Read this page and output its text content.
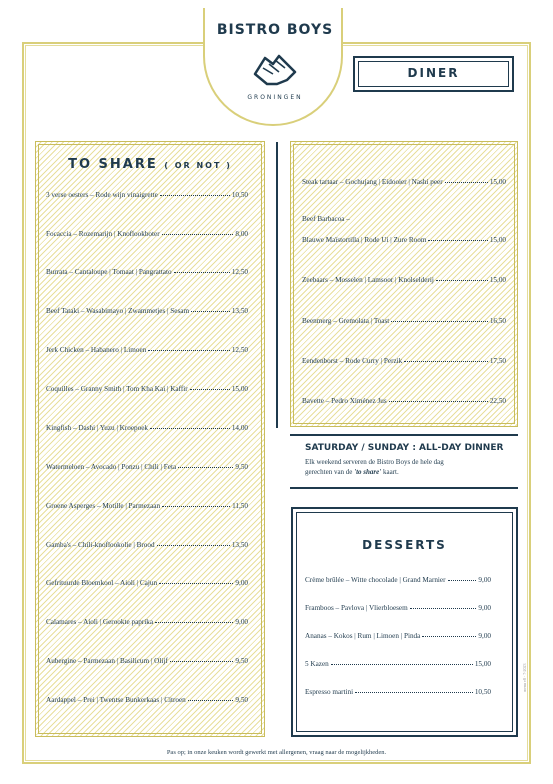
BISTRO BOYS
GRONINGEN
DINER
TO SHARE ( OR NOT )
3 verse oesters – Rode wijn vinaigrette	10,50
Focaccia – Rozemarijn | Knoflookboter	8,00
Burrata – Cantaloupe | Tomaat | Pangrattato	12,50
Beef Tataki – Wasabimayo | Zwammetjes | Sesam	13,50
Jerk Chicken – Habanero | Limoen	12,50
Coquilles – Granny Smith | Tom Kha Kai | Kaffir	15,00
Kingfish – Dashi | Yuzu | Kroepoek	14,00
Watermeloen – Avocado | Ponzu | Chili | Feta	9,50
Groene Asperges – Motille | Parmezaan	11,50
Gamba's – Chili-knoflookolie | Brood	13,50
Gefrituurde Bloemkool – Aioli | Cajun	9,00
Calamares – Aioli | Gerookte paprika	9,00
Aubergine – Parmezaan | Basilicum | Olijf	9,50
Aardappel – Prei | Twentse Bunkerkaas | Citroen	9,50
Steak tartaar – Gochujang | Eidooier | Nashi peer	15,00
Beef Barbacoa –
Blauwe Maïstortilla | Rode Ui | Zure Room	15,00
Zeebaars – Mosselen | Lamsoor | Knolselderij	15,00
Beenmerg – Gremolata | Toast	16,50
Eendenborst – Rode Curry | Perzik	17,50
Bavette – Pedro Ximénez Jus	22,50
SATURDAY / SUNDAY : ALL-DAY DINNER
Elk weekend serveren de Bistro Boys de hele dag
gerechten van de 'to share' kaart.
DESSERTS
Crème brûlée – Witte chocolade | Grand Marnier	9,00
Framboos – Pavlova | Vlierbloesem	9,00
Ananas – Kokos | Rum | Limoen | Pinda	9,00
5 Kazen	15,00
Espresso martini	10,50
Pas op; in onze keuken wordt gewerkt met allergenen, vraag naar de mogelijkheden.
menu v8 · 7-2023
